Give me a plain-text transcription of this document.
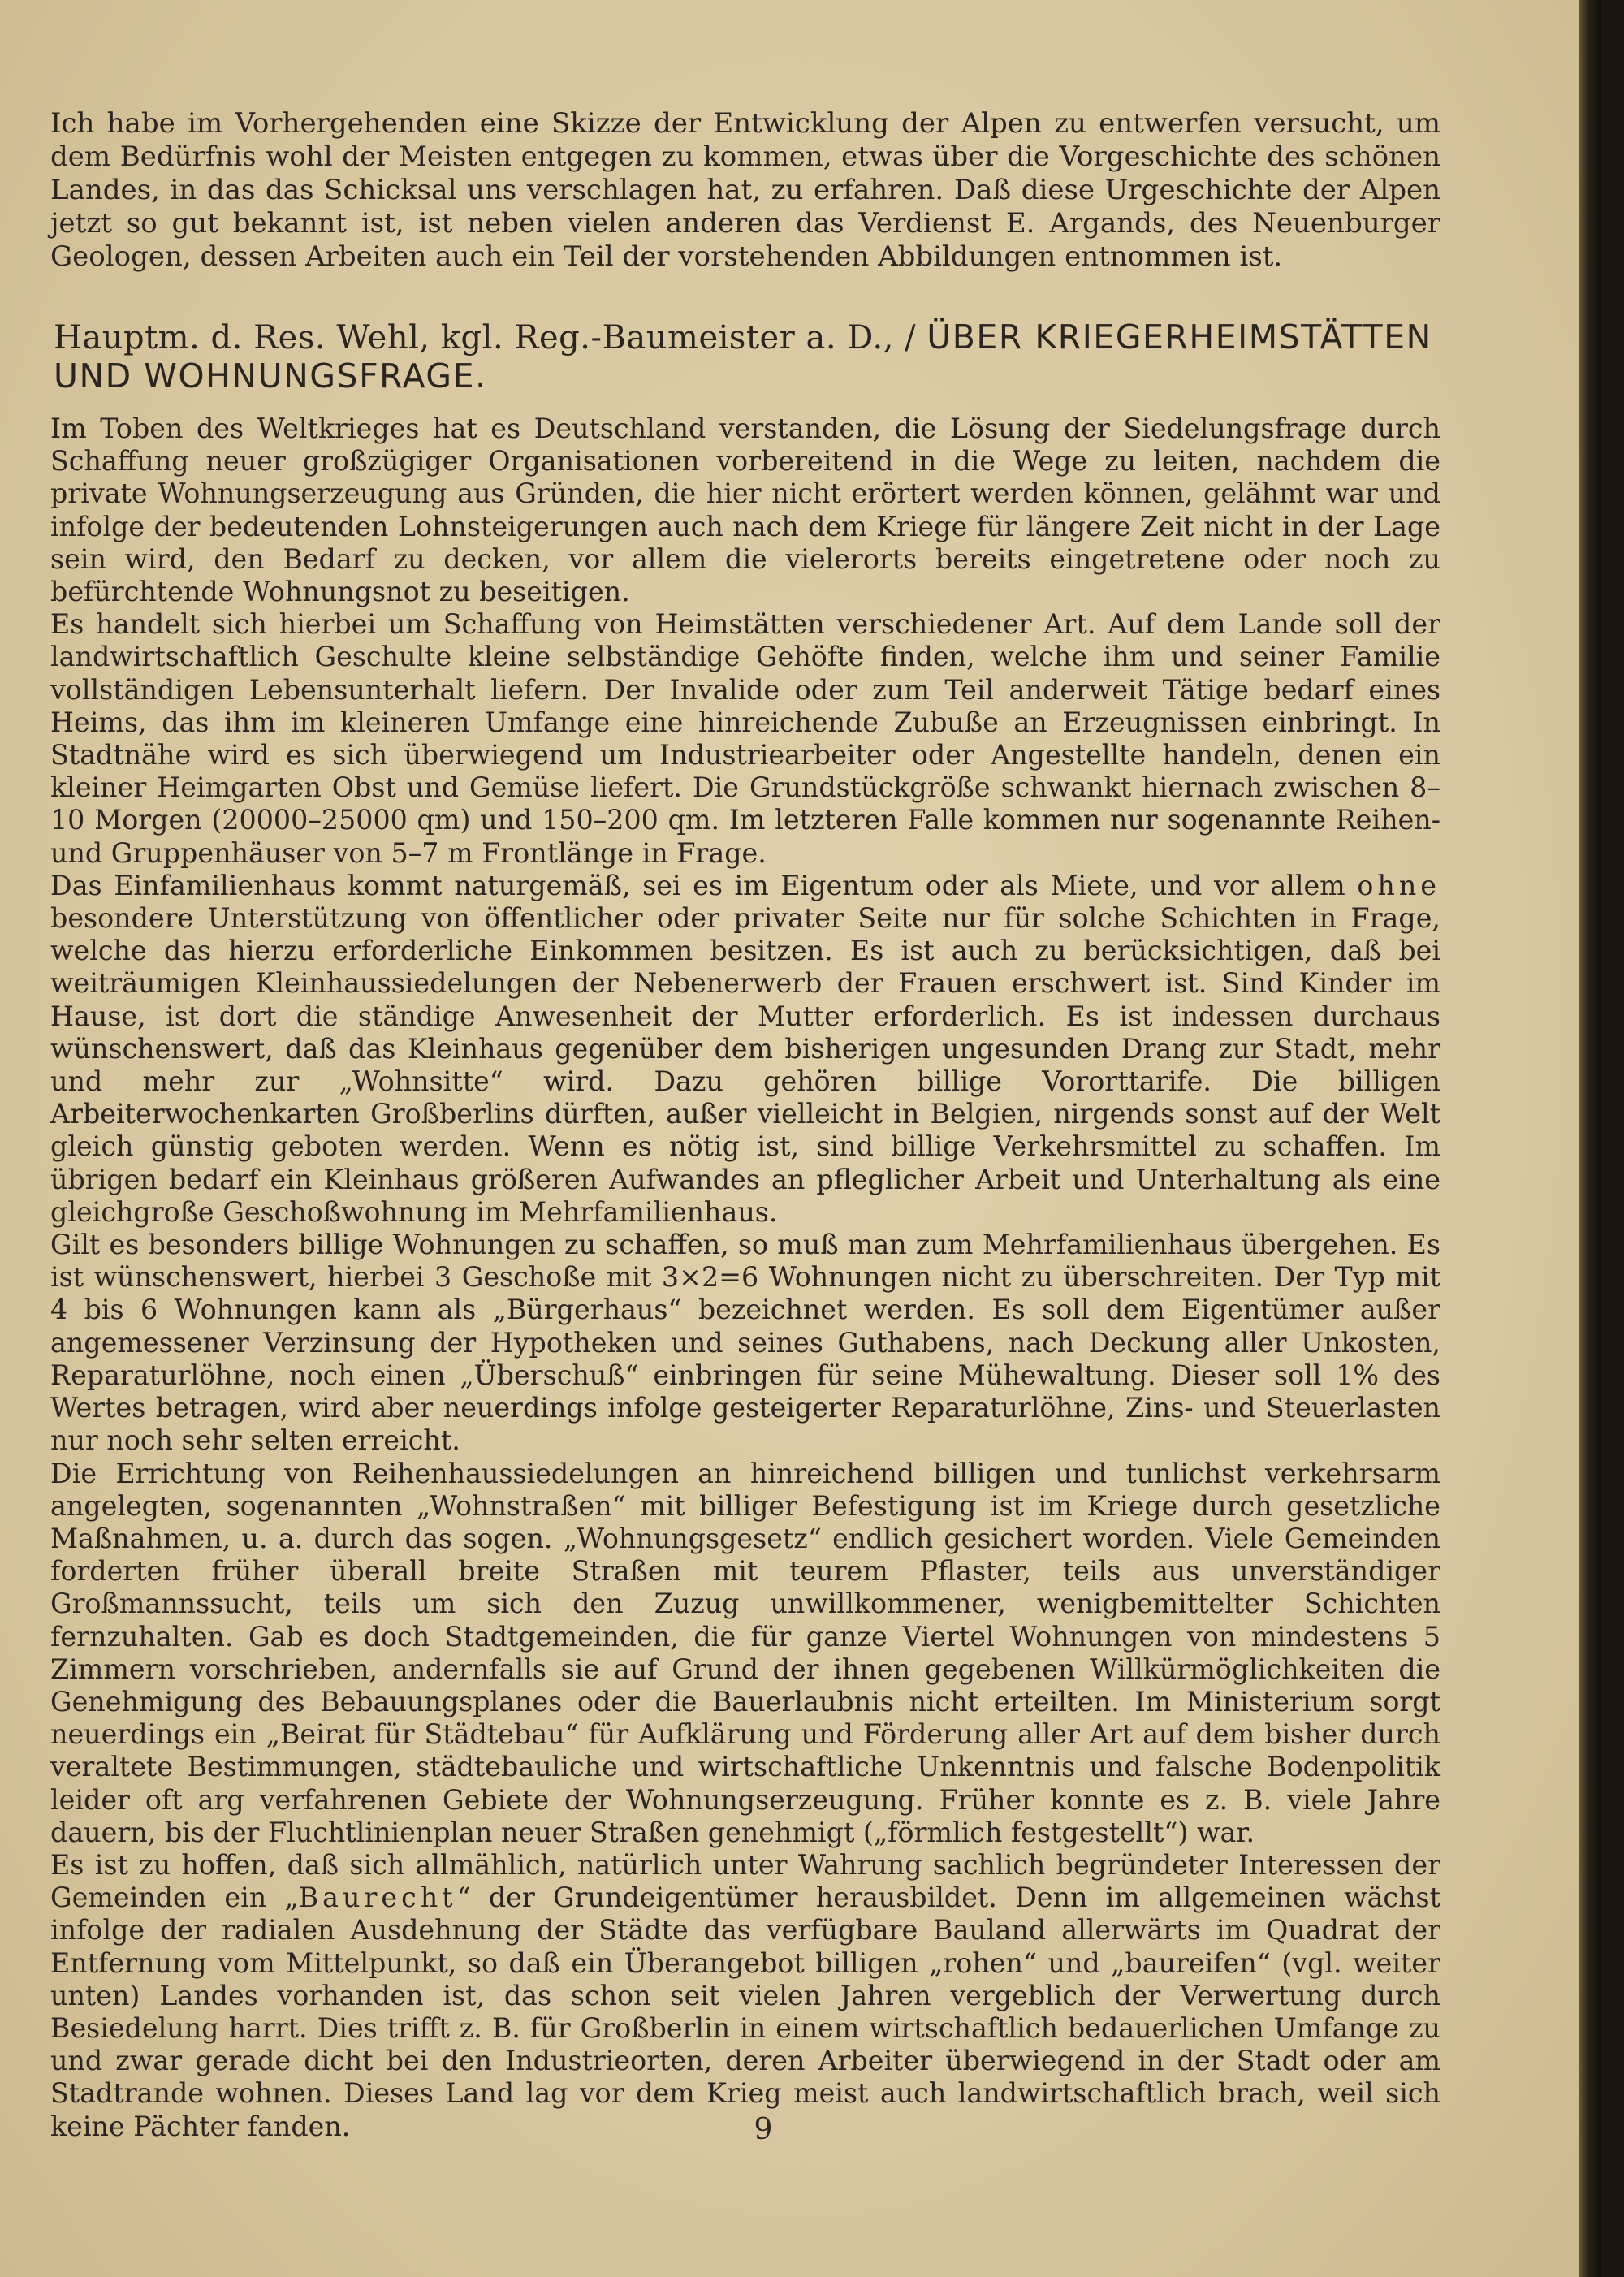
Ich habe im Vorhergehenden eine Skizze der Entwicklung der Alpen zu entwerfen versucht, um dem Bedürfnis wohl der Meisten entgegen zu kommen, etwas über die Vorgeschichte des schönen Landes, in das das Schicksal uns verschlagen hat, zu erfahren. Daß diese Urgeschichte der Alpen jetzt so gut bekannt ist, ist neben vielen anderen das Verdienst E. Argands, des Neuenburger Geologen, dessen Arbeiten auch ein Teil der vorstehenden Abbildungen entnommen ist.

Hauptm. d. Res. Wehl, kgl. Reg.-Baumeister a. D., / ÜBER KRIEGERHEIMSTÄTTEN UND WOHNUNGSFRAGE.

Im Toben des Weltkrieges hat es Deutschland verstanden, die Lösung der Siedelungsfrage durch Schaffung neuer großzügiger Organisationen vorbereitend in die Wege zu leiten, nachdem die private Wohnungserzeugung aus Gründen, die hier nicht erörtert werden können, gelähmt war und infolge der bedeutenden Lohnsteigerungen auch nach dem Kriege für längere Zeit nicht in der Lage sein wird, den Bedarf zu decken, vor allem die vielerorts bereits eingetretene oder noch zu befürchtende Wohnungsnot zu beseitigen.

Es handelt sich hierbei um Schaffung von Heimstätten verschiedener Art. Auf dem Lande soll der landwirtschaftlich Geschulte kleine selbständige Gehöfte finden, welche ihm und seiner Familie vollständigen Lebensunterhalt liefern. Der Invalide oder zum Teil anderweit Tätige bedarf eines Heims, das ihm im kleineren Umfange eine hinreichende Zubuße an Erzeugnissen einbringt. In Stadtnähe wird es sich überwiegend um Industriearbeiter oder Angestellte handeln, denen ein kleiner Heimgarten Obst und Gemüse liefert. Die Grundstückgröße schwankt hiernach zwischen 8–10 Morgen (20000–25000 qm) und 150–200 qm. Im letzteren Falle kommen nur sogenannte Reihen- und Gruppenhäuser von 5–7 m Frontlänge in Frage.

Das Einfamilienhaus kommt naturgemäß, sei es im Eigentum oder als Miete, und vor allem ohne besondere Unterstützung von öffentlicher oder privater Seite nur für solche Schichten in Frage, welche das hierzu erforderliche Einkommen besitzen. Es ist auch zu berücksichtigen, daß bei weiträumigen Kleinhaussiedelungen der Nebenerwerb der Frauen erschwert ist. Sind Kinder im Hause, ist dort die ständige Anwesenheit der Mutter erforderlich. Es ist indessen durchaus wünschenswert, daß das Kleinhaus gegenüber dem bisherigen ungesunden Drang zur Stadt, mehr und mehr zur „Wohnsitte“ wird. Dazu gehören billige Vororttarife. Die billigen Arbeiterwochenkarten Großberlins dürften, außer vielleicht in Belgien, nirgends sonst auf der Welt gleich günstig geboten werden. Wenn es nötig ist, sind billige Verkehrsmittel zu schaffen. Im übrigen bedarf ein Kleinhaus größeren Aufwandes an pfleglicher Arbeit und Unterhaltung als eine gleichgroße Geschoßwohnung im Mehrfamilienhaus.

Gilt es besonders billige Wohnungen zu schaffen, so muß man zum Mehrfamilienhaus übergehen. Es ist wünschenswert, hierbei 3 Geschoße mit 3×2=6 Wohnungen nicht zu überschreiten. Der Typ mit 4 bis 6 Wohnungen kann als „Bürgerhaus“ bezeichnet werden. Es soll dem Eigentümer außer angemessener Verzinsung der Hypotheken und seines Guthabens, nach Deckung aller Unkosten, Reparaturlöhne, noch einen „Überschuß“ einbringen für seine Mühewaltung. Dieser soll 1% des Wertes betragen, wird aber neuerdings infolge gesteigerter Reparaturlöhne, Zins- und Steuerlasten nur noch sehr selten erreicht.

Die Errichtung von Reihenhaussiedelungen an hinreichend billigen und tunlichst verkehrsarm angelegten, sogenannten „Wohnstraßen“ mit billiger Befestigung ist im Kriege durch gesetzliche Maßnahmen, u. a. durch das sogen. „Wohnungsgesetz“ endlich gesichert worden. Viele Gemeinden forderten früher überall breite Straßen mit teurem Pflaster, teils aus unverständiger Großmannssucht, teils um sich den Zuzug unwillkommener, wenigbemittelter Schichten fernzuhalten. Gab es doch Stadtgemeinden, die für ganze Viertel Wohnungen von mindestens 5 Zimmern vorschrieben, andernfalls sie auf Grund der ihnen gegebenen Willkürmöglichkeiten die Genehmigung des Bebauungsplanes oder die Bauerlaubnis nicht erteilten. Im Ministerium sorgt neuerdings ein „Beirat für Städtebau“ für Aufklärung und Förderung aller Art auf dem bisher durch veraltete Bestimmungen, städtebauliche und wirtschaftliche Unkenntnis und falsche Bodenpolitik leider oft arg verfahrenen Gebiete der Wohnungserzeugung. Früher konnte es z. B. viele Jahre dauern, bis der Fluchtlinienplan neuer Straßen genehmigt („förmlich festgestellt“) war.

Es ist zu hoffen, daß sich allmählich, natürlich unter Wahrung sachlich begründeter Interessen der Gemeinden ein „Baurecht“ der Grundeigentümer herausbildet. Denn im allgemeinen wächst infolge der radialen Ausdehnung der Städte das verfügbare Bauland allerwärts im Quadrat der Entfernung vom Mittelpunkt, so daß ein Überangebot billigen „rohen“ und „baureifen“ (vgl. weiter unten) Landes vorhanden ist, das schon seit vielen Jahren vergeblich der Verwertung durch Besiedelung harrt. Dies trifft z. B. für Großberlin in einem wirtschaftlich bedauerlichen Umfange zu und zwar gerade dicht bei den Industrieorten, deren Arbeiter überwiegend in der Stadt oder am Stadtrande wohnen. Dieses Land lag vor dem Krieg meist auch landwirtschaftlich brach, weil sich keine Pächter fanden.	9
